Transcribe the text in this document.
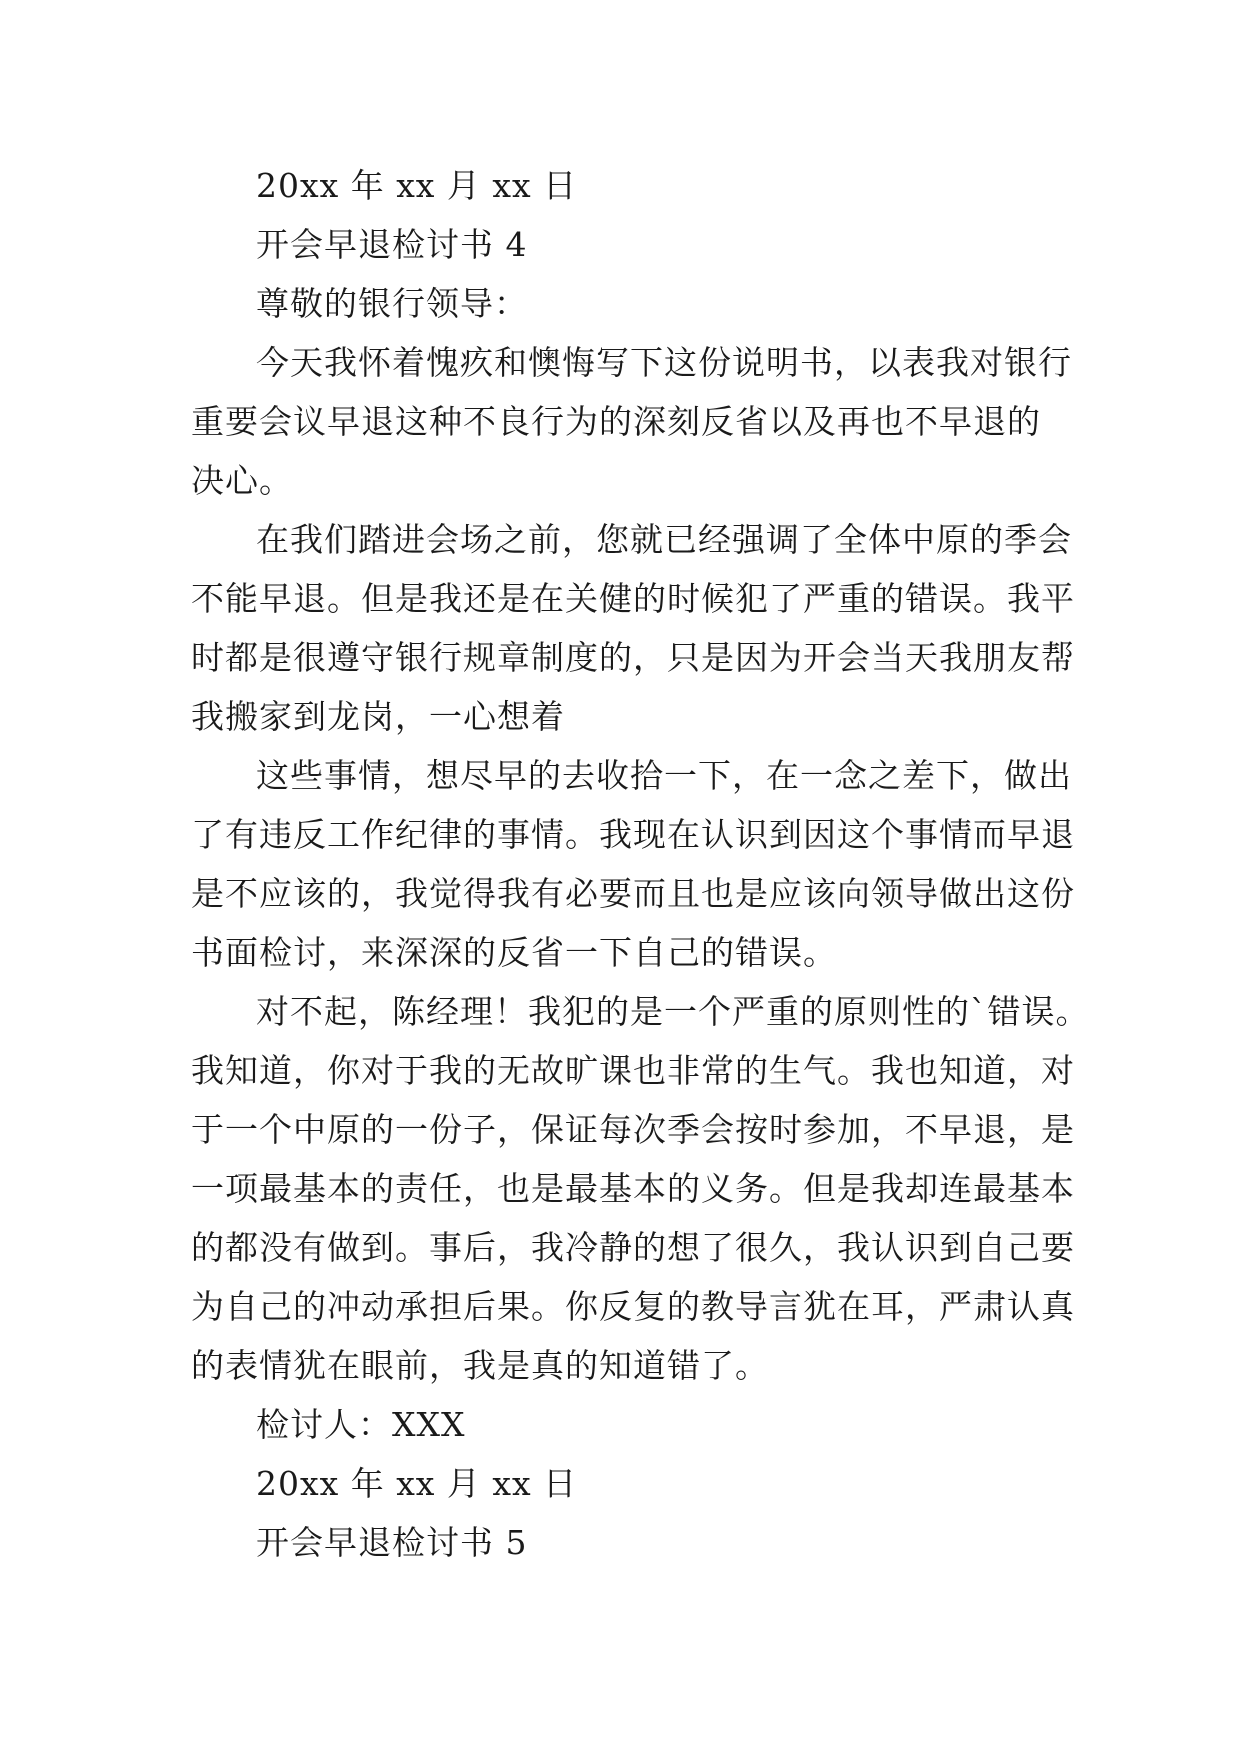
20xx 年 xx 月 xx 日
开会早退检讨书 4
尊敬的银行领导：
今天我怀着愧疚和懊悔写下这份说明书，以表我对银行
重要会议早退这种不良行为的深刻反省以及再也不早退的
决心。
在我们踏进会场之前，您就已经强调了全体中原的季会
不能早退。但是我还是在关健的时候犯了严重的错误。我平
时都是很遵守银行规章制度的，只是因为开会当天我朋友帮
我搬家到龙岗，一心想着
这些事情，想尽早的去收拾一下，在一念之差下，做出
了有违反工作纪律的事情。我现在认识到因这个事情而早退
是不应该的，我觉得我有必要而且也是应该向领导做出这份
书面检讨，来深深的反省一下自己的错误。
对不起，陈经理！我犯的是一个严重的原则性的`错误。
我知道，你对于我的无故旷课也非常的生气。我也知道，对
于一个中原的一份子，保证每次季会按时参加，不早退，是
一项最基本的责任，也是最基本的义务。但是我却连最基本
的都没有做到。事后，我冷静的想了很久，我认识到自己要
为自己的冲动承担后果。你反复的教导言犹在耳，严肃认真
的表情犹在眼前，我是真的知道错了。
检讨人：XXX
20xx 年 xx 月 xx 日
开会早退检讨书 5
